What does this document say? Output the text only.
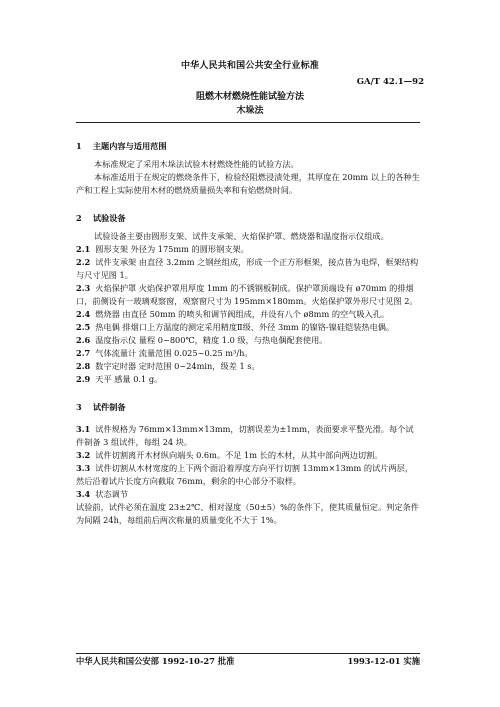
中华人民共和国公共安全行业标准
GA/T 42.1—92
阻燃木材燃烧性能试验方法
木垛法
1 主题内容与适用范围

本标准规定了采用木垛法试验木材燃烧性能的试验方法。

本标准适用于在规定的燃烧条件下，检验经阻燃浸渍处理，其厚度在 20mm 以上的各种生产和工程上实际使用木材的燃烧质量损失率和有焰燃烧时间。

2 试验设备

试验设备主要由圆形支架、试件支承架、火焰保护罩、燃烧器和温度指示仪组成。

2.1 圆形支架 外径为 175mm 的圆形钢支架。

2.2 试件支承架 由直径 3.2mm 之钢丝组成，形成一个正方形框架，接点皆为电焊，框架结构与尺寸见图 1。

2.3 火焰保护罩 火焰保护罩用厚度 1mm 的不锈钢板制成。保护罩顶端设有 ø70mm 的排烟口，前侧设有一玻璃观察窗，观察窗尺寸为 195mm×180mm。火焰保护罩外形尺寸见图 2。

2.4 燃烧器 由直径 50mm 的喷头和调节阀组成，并设有八个 ø8mm 的空气吸入孔。

2.5 热电偶 排烟口上方温度的测定采用精度Ⅱ级、外径 3mm 的镍铬-镍硅铠装热电偶。

2.6 温度指示仪 量程 0~800℃，精度 1.0 级，与热电偶配套使用。

2.7 气体流量计 流量范围 0.025~0.25 m³/h。

2.8 数字定时器 定时范围 0~24min，级差 1 s。

2.9 天平 感量 0.1 g。

3 试件制备

3.1 试件规格为 76mm×13mm×13mm，切割误差为±1mm，表面要求平整光滑。每个试件制备 3 组试件，每组 24 块。

3.2 试件切割离开木材纵向端头 0.6m。不足 1m 长的木材，从其中部向两边切割。

3.3 试件切割从木材宽度的上下两个面沿着厚度方向平行切割 13mm×13mm 的试片两层，然后沿着试片长度方向截取 76mm，剩余的中心部分不取样。

3.4 状态调节

试验前，试件必须在温度 23±2℃、相对湿度（50±5）%的条件下，使其质量恒定。判定条件为间隔 24h，每组前后两次称量的质量变化不大于 1%。

中华人民共和国公安部 1992-10-27 批准	1993-12-01 实施
